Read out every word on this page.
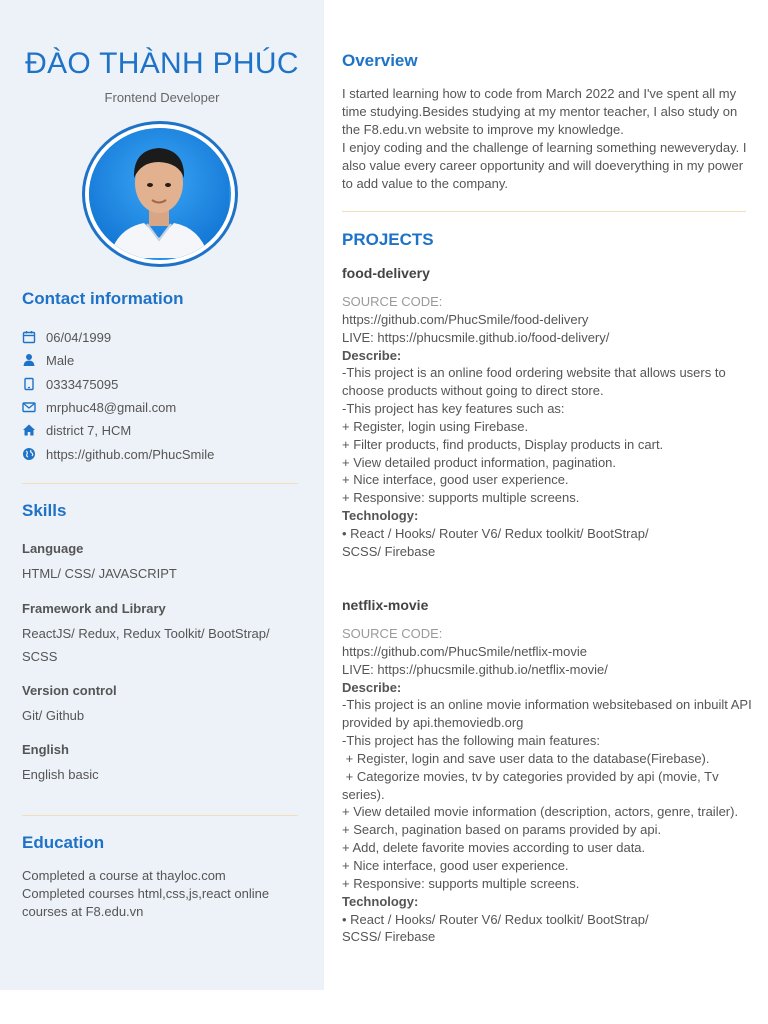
ĐÀO THÀNH PHÚC
Frontend Developer
Contact information
06/04/1999
Male
0333475095
mrphuc48@gmail.com
district 7, HCM
https://github.com/PhucSmile
Skills
Language
HTML/ CSS/ JAVASCRIPT
Framework and Library
ReactJS/ Redux, Redux Toolkit/ BootStrap/ SCSS
Version control
Git/ Github
English
English basic
Education
Completed a course at thayloc.com
Completed courses html,css,js,react online courses at F8.edu.vn
Overview
I started learning how to code from March 2022 and I've spent all my time studying.Besides studying at my mentor teacher, I also study on the F8.edu.vn website to improve my knowledge.
I enjoy coding and the challenge of learning something neweveryday. I also value every career opportunity and will doeverything in my power to add value to the company.
PROJECTS
food-delivery
SOURCE CODE:
https://github.com/PhucSmile/food-delivery
LIVE: https://phucsmile.github.io/food-delivery/
Describe:
-This project is an online food ordering website that allows users to choose products without going to direct store.
-This project has key features such as:
+ Register, login using Firebase.
+ Filter products, find products, Display products in cart.
+ View detailed product information, pagination.
+ Nice interface, good user experience.
+ Responsive: supports multiple screens.
Technology:
• React / Hooks/ Router V6/ Redux toolkit/ BootStrap/ SCSS/ Firebase
netflix-movie
SOURCE CODE:
https://github.com/PhucSmile/netflix-movie
LIVE: https://phucsmile.github.io/netflix-movie/
Describe:
-This project is an online movie information websitebased on inbuilt API provided by api.themoviedb.org
-This project has the following main features:
+ Register, login and save user data to the database(Firebase).
+ Categorize movies, tv by categories provided by api (movie, Tv series).
+ View detailed movie information (description, actors, genre, trailer).
+ Search, pagination based on params provided by api.
+ Add, delete favorite movies according to user data.
+ Nice interface, good user experience.
+ Responsive: supports multiple screens.
Technology:
• React / Hooks/ Router V6/ Redux toolkit/ BootStrap/ SCSS/ Firebase
